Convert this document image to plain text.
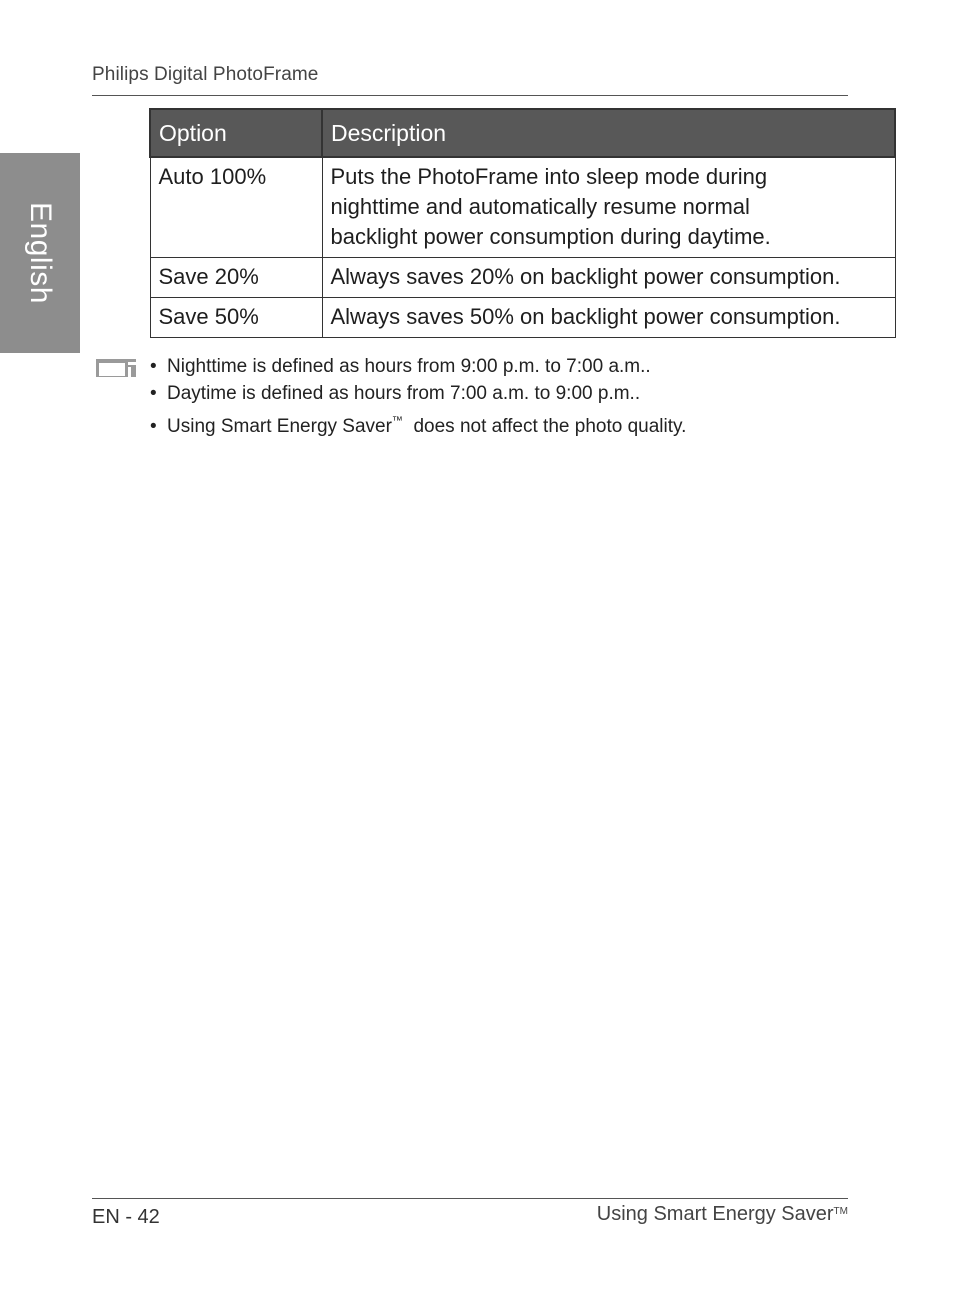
Philips Digital PhotoFrame
English
Option	Description
Auto 100%	Puts the PhotoFrame into sleep mode during
nighttime and automatically resume normal
backlight power consumption during daytime.

Save 20%	Always saves 20% on backlight power consumption.

Save 50%	Always saves 50% on backlight power consumption.
• Nighttime is defined as hours from 9:00 p.m. to 7:00 a.m..
• Daytime is defined as hours from 7:00 a.m. to 9:00 p.m..
• Using Smart Energy Saver™  does not affect the photo quality.
EN - 42	Using Smart Energy Saver™
